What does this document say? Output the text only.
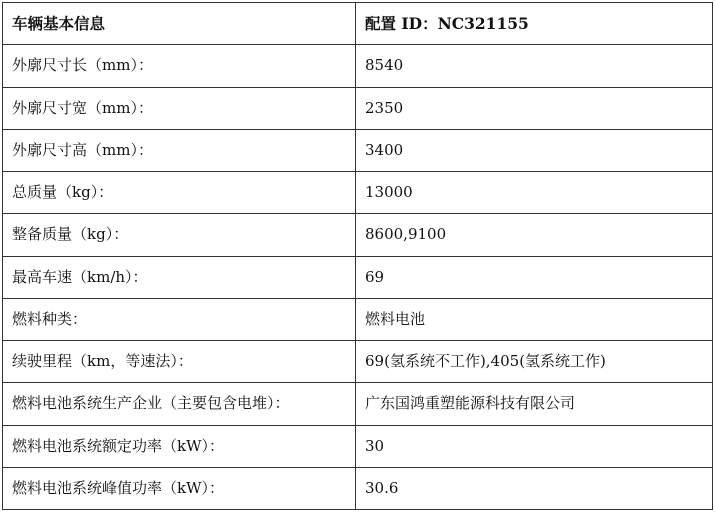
车辆基本信息	配置 ID：NC321155
外廓尺寸长（mm）：	8540
外廓尺寸宽（mm）：	2350
外廓尺寸高（mm）：	3400
总质量（kg）：	13000
整备质量（kg）：	8600,9100
最高车速（km/h）：	69
燃料种类：	燃料电池
续驶里程（km，等速法）：	69(氢系统不工作),405(氢系统工作)
燃料电池系统生产企业（主要包含电堆）：	广东国鸿重塑能源科技有限公司
燃料电池系统额定功率（kW）：	30
燃料电池系统峰值功率（kW）：	30.6
